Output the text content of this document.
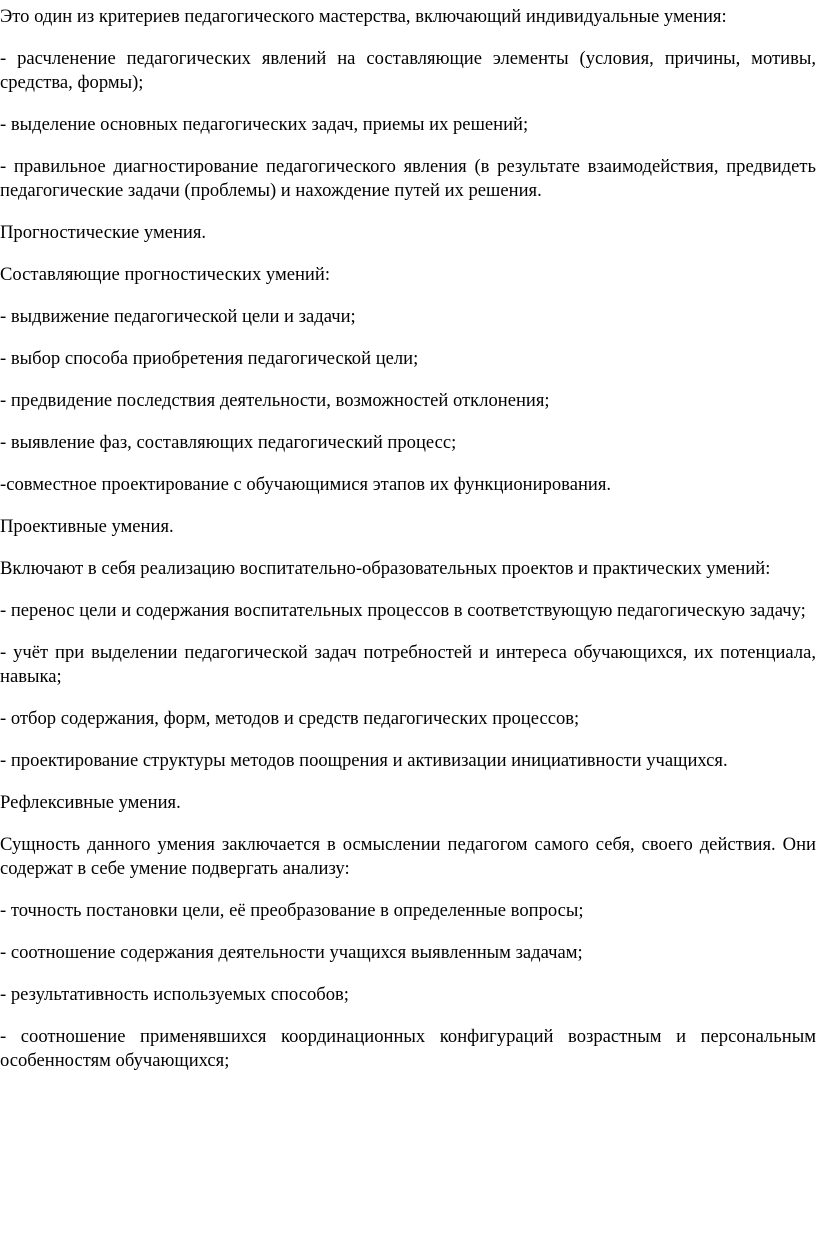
Это один из критериев педагогического мастерства, включающий индивидуальные умения:

- расчленение педагогических явлений на составляющие элементы (условия, причины, мотивы, средства, формы);

- выделение основных педагогических задач, приемы их решений;

- правильное диагностирование педагогического явления (в результате взаимодействия, предвидеть педагогические задачи (проблемы) и нахождение путей их решения.

Прогностические умения.

Составляющие прогностических умений:

- выдвижение педагогической цели и задачи;

- выбор способа приобретения педагогической цели;

- предвидение последствия деятельности, возможностей отклонения;

- выявление фаз, составляющих педагогический процесс;

-совместное проектирование с обучающимися этапов их функционирования.

Проективные умения.

Включают в себя реализацию воспитательно-образовательных проектов и практических умений:

- перенос цели и содержания воспитательных процессов в соответствующую педагогическую задачу;

- учёт при выделении педагогической задач потребностей и интереса обучающихся, их потенциала, навыка;

- отбор содержания, форм, методов и средств педагогических процессов;

- проектирование структуры методов поощрения и активизации инициативности учащихся.

Рефлексивные умения.

Сущность данного умения заключается в осмыслении педагогом самого себя, своего действия. Они содержат в себе умение подвергать анализу:

- точность постановки цели, её преобразование в определенные вопросы;

- соотношение содержания деятельности учащихся выявленным задачам;

- результативность используемых способов;

- соотношение применявшихся координационных конфигураций возрастным и персональным особенностям обучающихся;
